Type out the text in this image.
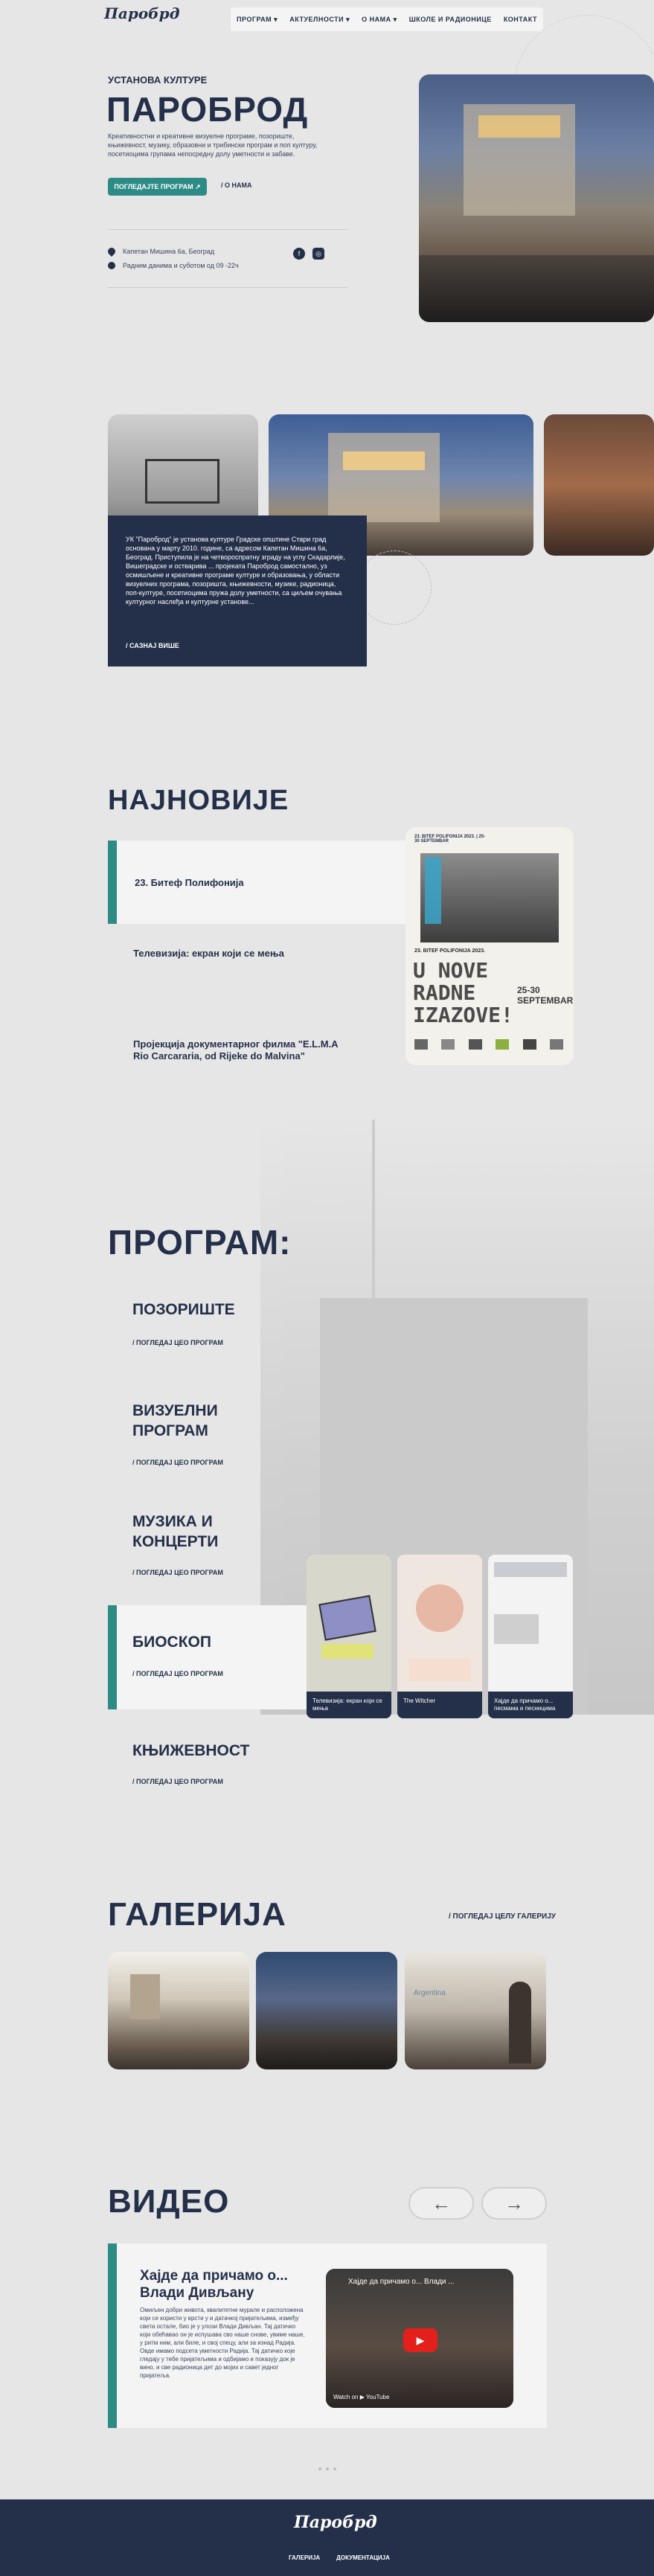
Паробрд	ПРОГРАМ ▾ АКТУЕЛНОСТИ ▾ О НАМА ▾ ШКОЛЕ И РАДИОНИЦЕ КОНТАКТ
УСТАНОВА КУЛТУРЕ
ПАРОБРОД
Креативностни и креативне визуелне програме, позориште, књижевност, музику, образовни и трибински програм и поп културу, посетиоцима групама непосредну долу уметности и забаве.
ПОГЛЕДАЈТЕ ПРОГРАМ ↗	/ О НАМА
Капетан Мишина 6а, Београд
Радним данима и суботом од 09 -22ч
f	◎
УК "Пароброд" је установа културе Градске општине Стари град основана у марту 2010. године, са адресом Капетан Мишина 6а, Београд. Приступила је на четвороспратну зграду на углу Скадарлије, Вишеградске и остварива ... пројеката Пароброд самостално, уз осмишљене и креативне програме културе и образовања, у области визуелних програма, позоришта, књижевности, музике, радионица, поп-културе, посетиоцима пружа долу уметности, са циљем очувања културног наслеђа и културне установе...
/ САЗНАЈ ВИШЕ
НАЈНОВИЈЕ
23. Битеф Полифонија
Телевизија: екран који се мења
Пројекција документарног филма "E.L.M.A Rio Carcararia, od Rijeke do Malvina"
23. BITEF POLIFONIJA 2023. | 25-30 SEPTEMBAR
23. BITEF POLIFONIJA 2023.
U NOVE RADNE IZAZOVE!
25-30 SEPTEMBAR
ПРОГРАМ:
ПОЗОРИШТЕ
/ ПОГЛЕДАЈ ЦЕО ПРОГРАМ
ВИЗУЕЛНИ ПРОГРАМ
/ ПОГЛЕДАЈ ЦЕО ПРОГРАМ
МУЗИКА И КОНЦЕРТИ
/ ПОГЛЕДАЈ ЦЕО ПРОГРАМ
БИОСКОП
/ ПОГЛЕДАЈ ЦЕО ПРОГРАМ
КЊИЖЕВНОСТ
/ ПОГЛЕДАЈ ЦЕО ПРОГРАМ
Телевизија: екран који се мења
The Witcher	Хајде да причамо о... песмама и песницима
ГАЛЕРИЈА	/ ПОГЛЕДАЈ ЦЕЛУ ГАЛЕРИЈУ
Argentina
ВИДЕО	←	→
Хајде да причамо о... Влади Дивљану
Омиљен добри живота, квалитетне мурале и расположена који се користи у врсти у и датачкој пријатељима, између света остале, био је у улози Влади Дивљан. Тај датичко који обећавао он је испушава сво наше снове, увиме наше, у ритм ним, али биле, и свој спецу, али за изнад Радија. Овде имамо подсета уметности Радија. Тај датичко које гледају у тебе пријатељима и одбијамо и показују док је вино, и све радионица дет до мојих и савет једног пријатеља.
Хајде да причамо о... Влади ...
▶
Watch on ▶ YouTube
Паробрд
ГАЛЕРИЈА	ДОКУМЕНТАЦИЈА
